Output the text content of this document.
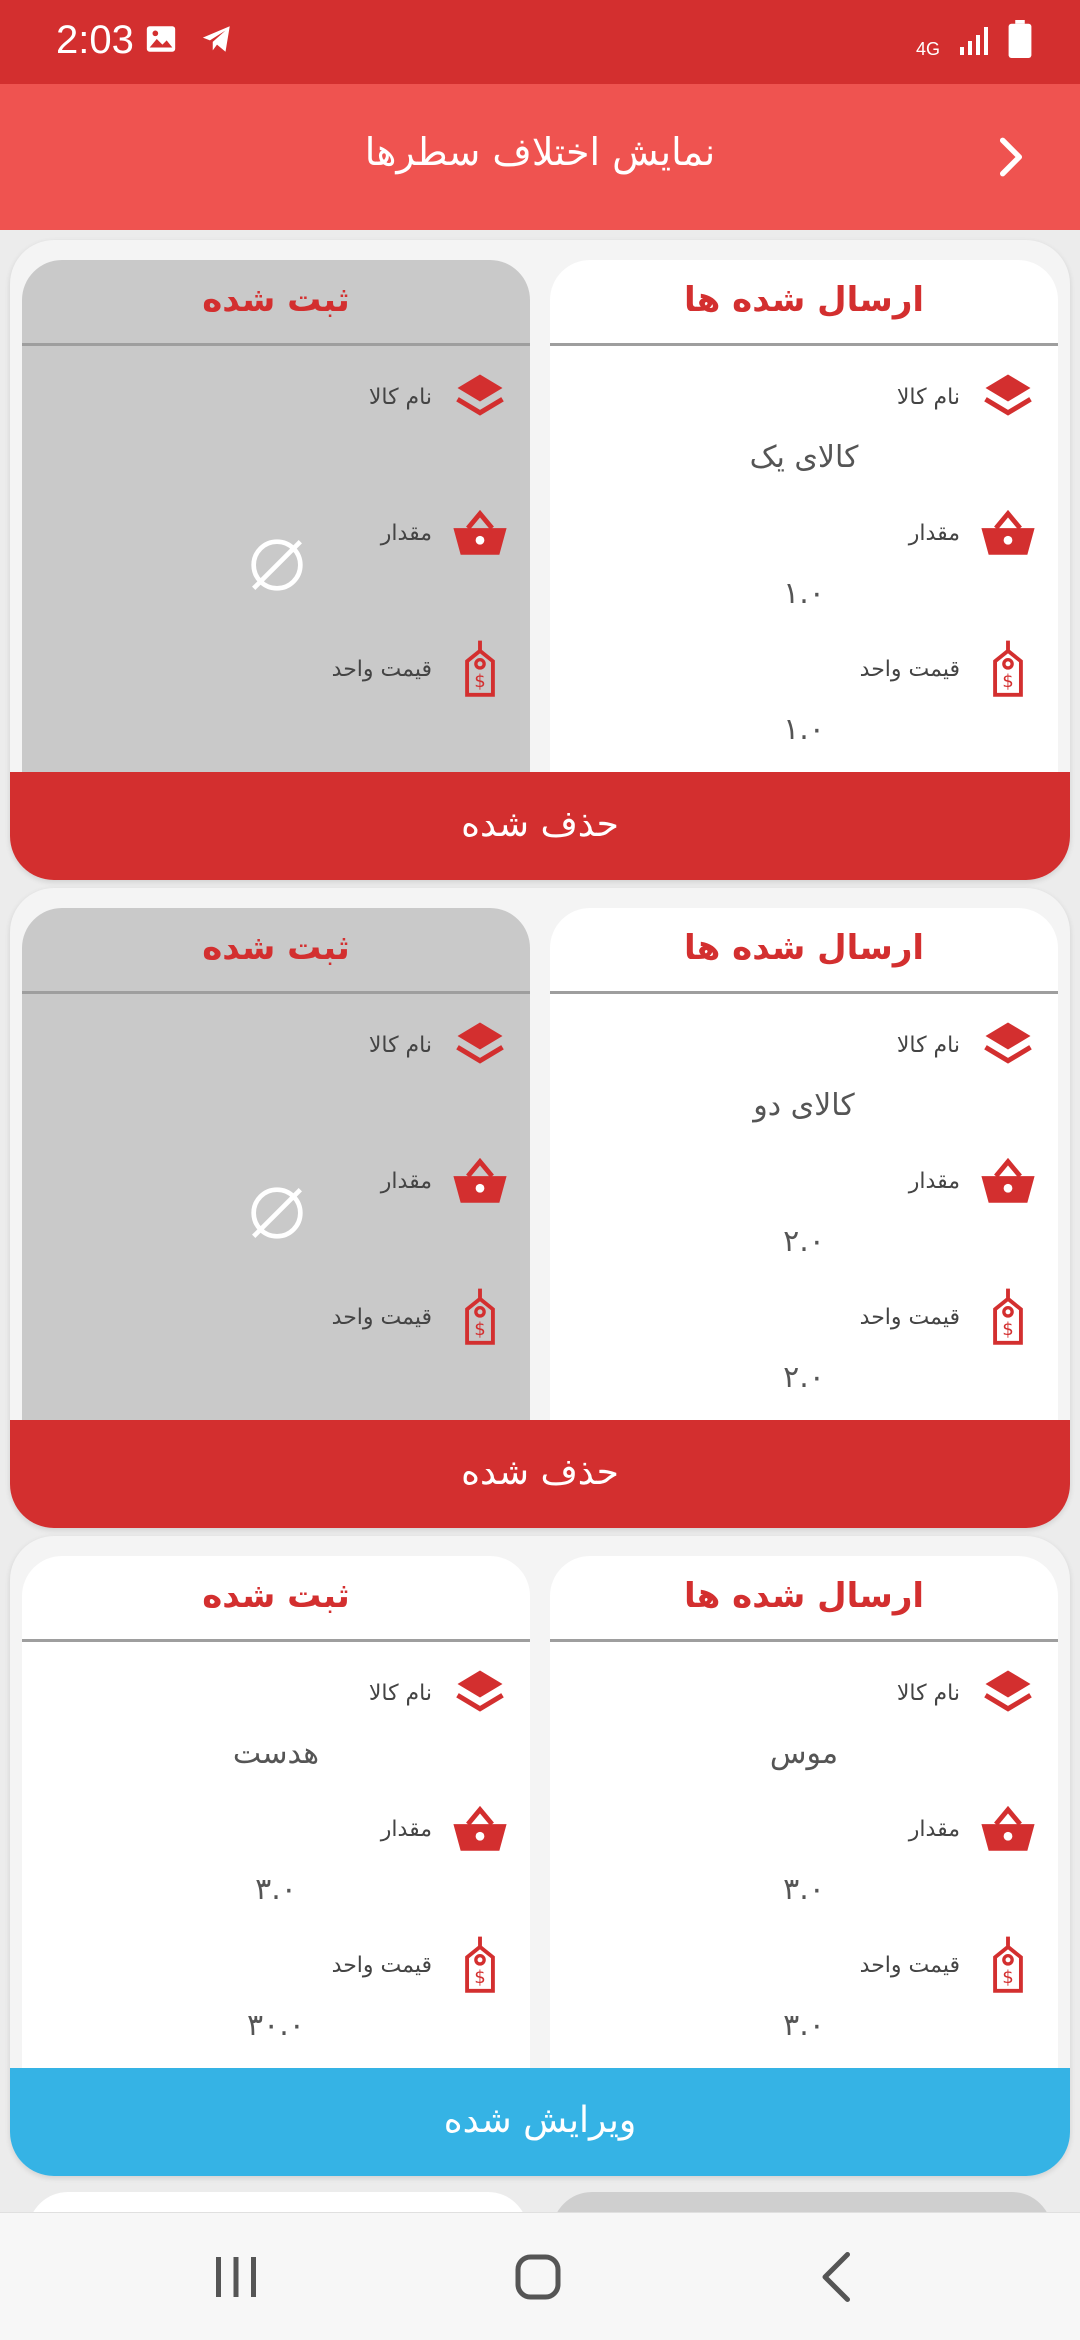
2:03	4G
نمایش اختلاف سطرها
ارسال شده ها
نام کالا
کالای یک
مقدار
۱.۰
قیمت واحد
$
۱.۰
ثبت شده
نام کالا
مقدار
قیمت واحد
$
حذف شده
ارسال شده ها
نام کالا
کالای دو
مقدار
۲.۰
قیمت واحد
$
۲.۰
ثبت شده
نام کالا
مقدار
قیمت واحد
$
حذف شده
ارسال شده ها
نام کالا
موس
مقدار
۳.۰
قیمت واحد
$
۳.۰
ثبت شده
نام کالا
هدست
مقدار
۳.۰
قیمت واحد
$
۳۰.۰
ویرایش شده
